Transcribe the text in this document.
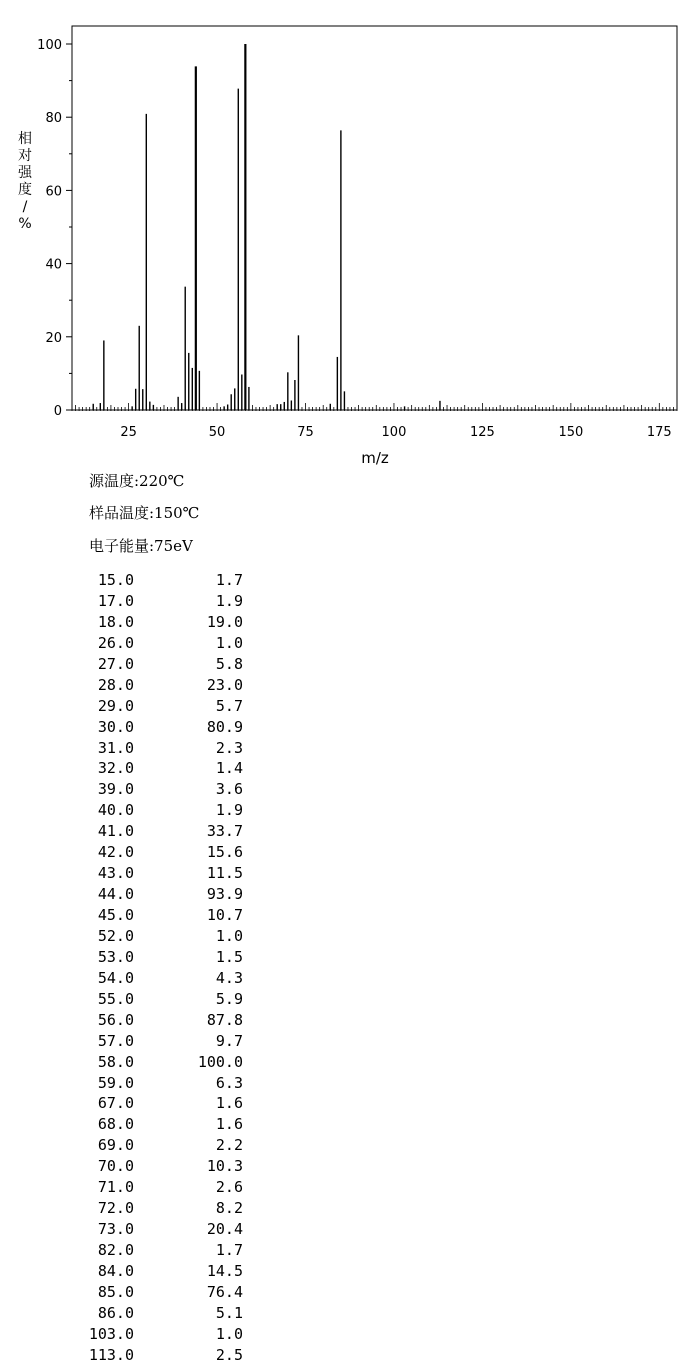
0
20
40
60
80
100
25	50	75	100	125	150	175
m/z
相
对
强
度
/
%
源温度:220℃
样品温度:150℃
电子能量:75eV
15.0	1.7
17.0	1.9
18.0	19.0
26.0	1.0
27.0	5.8
28.0	23.0
29.0	5.7
30.0	80.9
31.0	2.3
32.0	1.4
39.0	3.6
40.0	1.9
41.0	33.7
42.0	15.6
43.0	11.5
44.0	93.9
45.0	10.7
52.0	1.0
53.0	1.5
54.0	4.3
55.0	5.9
56.0	87.8
57.0	9.7
58.0	100.0
59.0	6.3
67.0	1.6
68.0	1.6
69.0	2.2
70.0	10.3
71.0	2.6
72.0	8.2
73.0	20.4
82.0	1.7
84.0	14.5
85.0	76.4
86.0	5.1
103.0	1.0
113.0	2.5
